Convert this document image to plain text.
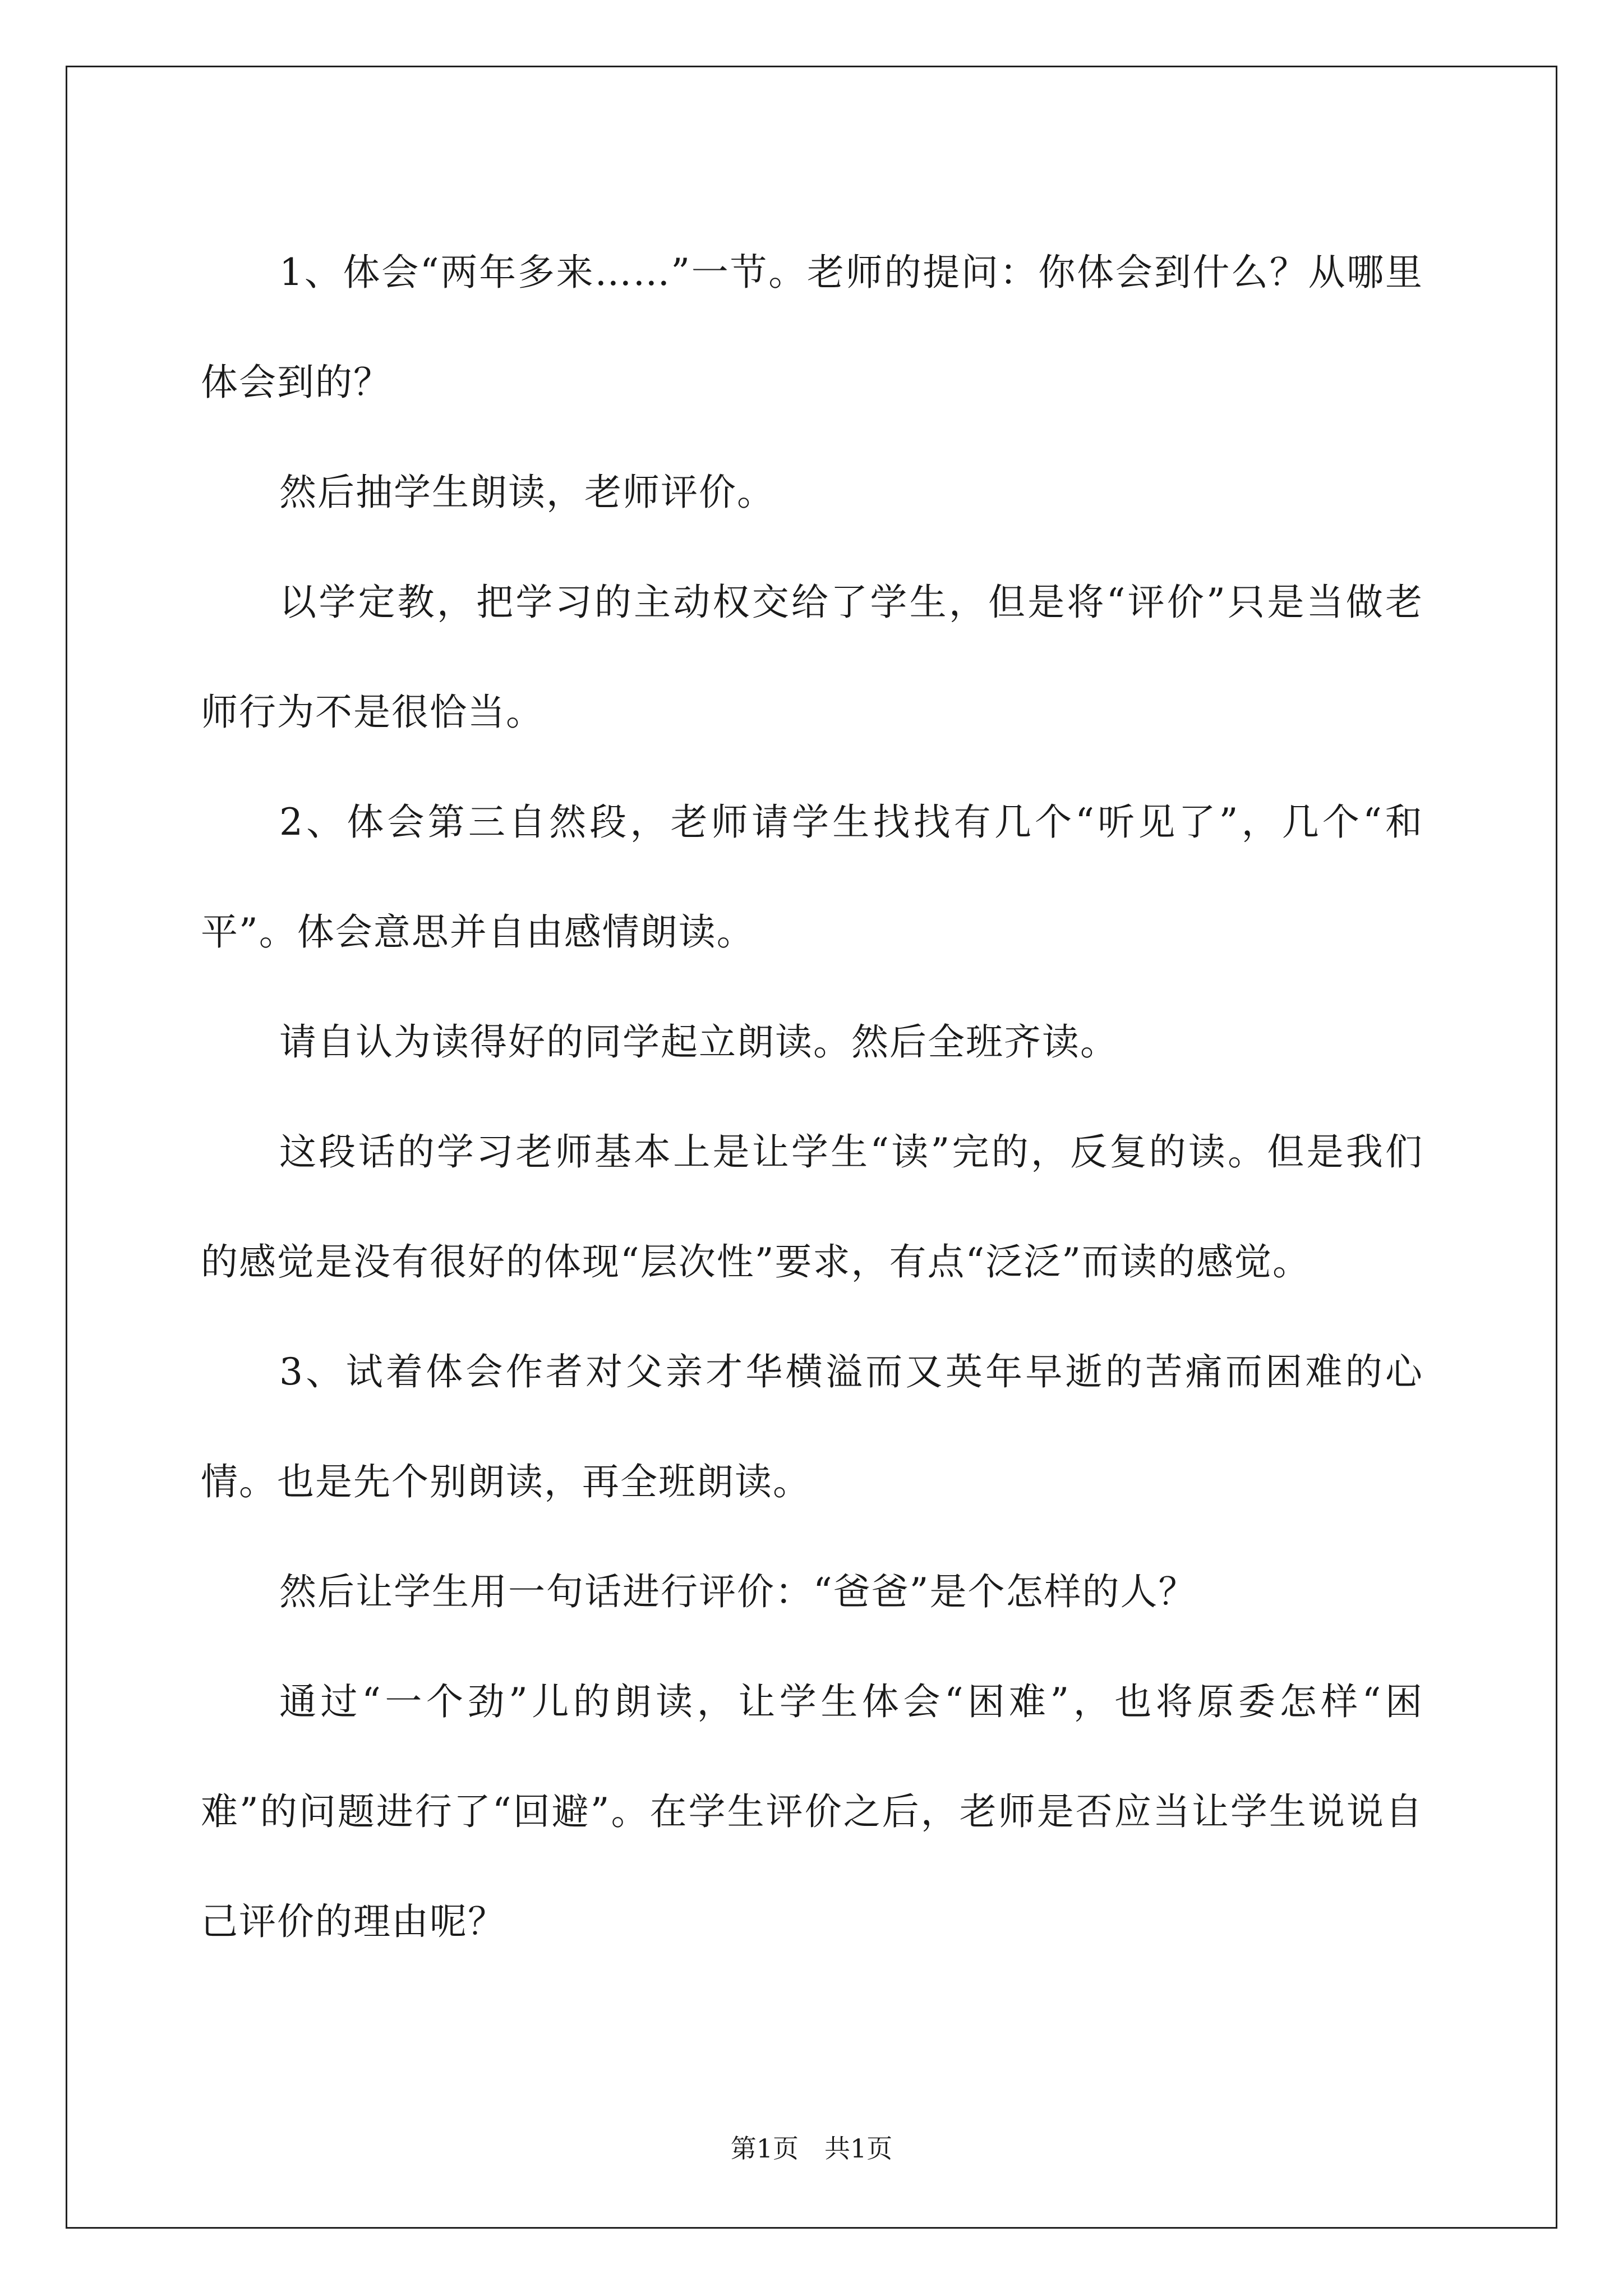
1、体会“两年多来……”一节。老师的提问：你体会到什么？从哪里体会到的？

然后抽学生朗读，老师评价。

以学定教，把学习的主动权交给了学生，但是将“评价”只是当做老师行为不是很恰当。

2、体会第三自然段，老师请学生找找有几个“听见了”，几个“和平”。体会意思并自由感情朗读。

请自认为读得好的同学起立朗读。然后全班齐读。

这段话的学习老师基本上是让学生“读”完的，反复的读。但是我们的感觉是没有很好的体现“层次性”要求，有点“泛泛”而读的感觉。

3、试着体会作者对父亲才华横溢而又英年早逝的苦痛而困难的心情。也是先个别朗读，再全班朗读。

然后让学生用一句话进行评价：“爸爸”是个怎样的人？

通过“一个劲”儿的朗读，让学生体会“困难”，也将原委怎样“困难”的问题进行了“回避”。在学生评价之后，老师是否应当让学生说说自己评价的理由呢？

第1页 共1页
